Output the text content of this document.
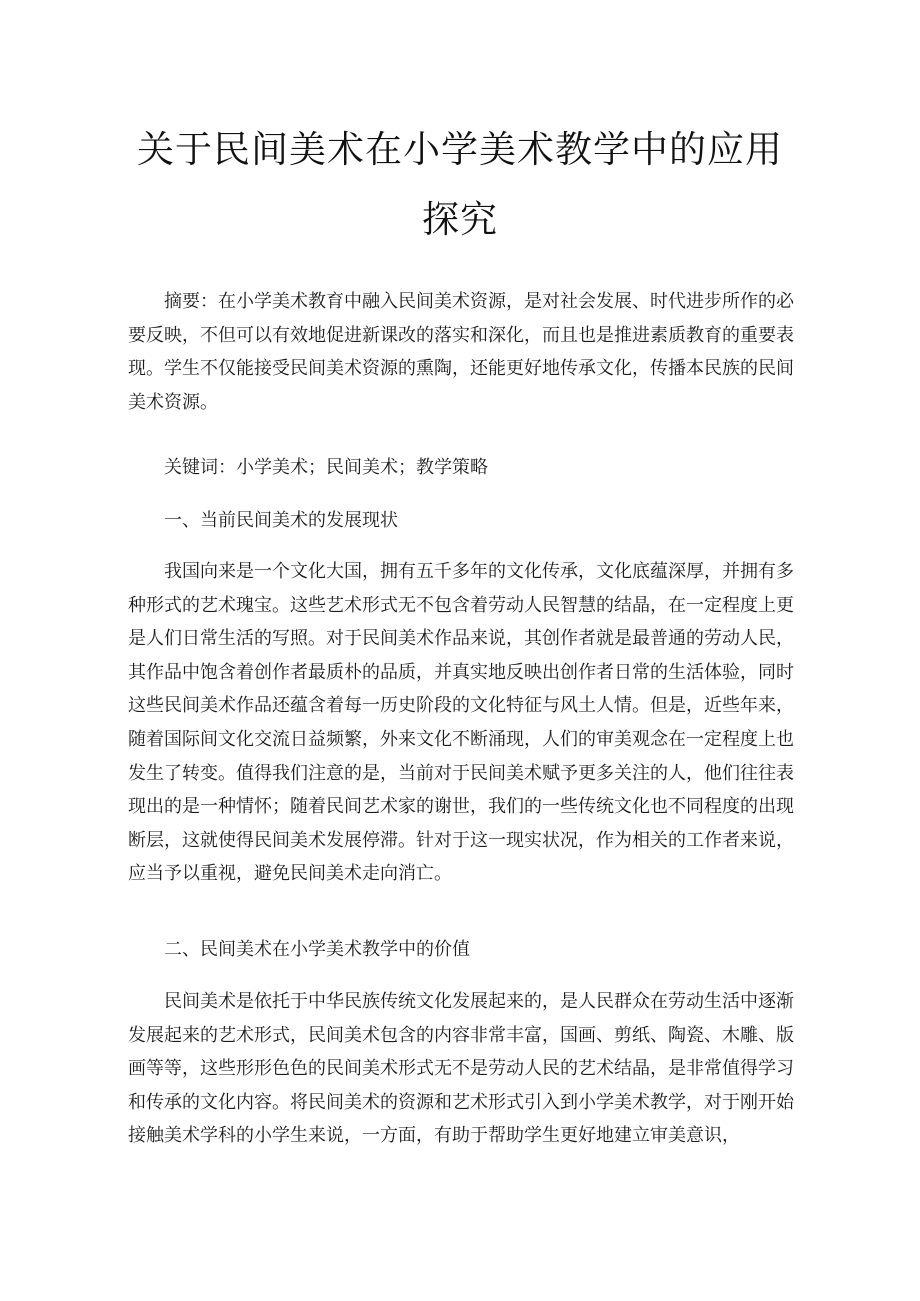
关于民间美术在小学美术教学中的应用
探究

摘要：在小学美术教育中融入民间美术资源，是对社会发展、时代进步所作的必要反映，不但可以有效地促进新课改的落实和深化，而且也是推进素质教育的重要表现。学生不仅能接受民间美术资源的熏陶，还能更好地传承文化，传播本民族的民间美术资源。

关键词：小学美术；民间美术；教学策略

一、当前民间美术的发展现状

我国向来是一个文化大国，拥有五千多年的文化传承，文化底蕴深厚，并拥有多种形式的艺术瑰宝。这些艺术形式无不包含着劳动人民智慧的结晶，在一定程度上更是人们日常生活的写照。对于民间美术作品来说，其创作者就是最普通的劳动人民，其作品中饱含着创作者最质朴的品质，并真实地反映出创作者日常的生活体验，同时这些民间美术作品还蕴含着每一历史阶段的文化特征与风土人情。但是，近些年来，随着国际间文化交流日益频繁，外来文化不断涌现，人们的审美观念在一定程度上也发生了转变。值得我们注意的是，当前对于民间美术赋予更多关注的人，他们往往表现出的是一种情怀；随着民间艺术家的谢世，我们的一些传统文化也不同程度的出现断层，这就使得民间美术发展停滞。针对于这一现实状况，作为相关的工作者来说，应当予以重视，避免民间美术走向消亡。

二、民间美术在小学美术教学中的价值

民间美术是依托于中华民族传统文化发展起来的，是人民群众在劳动生活中逐渐发展起来的艺术形式，民间美术包含的内容非常丰富，国画、剪纸、陶瓷、木雕、版画等等，这些形形色色的民间美术形式无不是劳动人民的艺术结晶，是非常值得学习和传承的文化内容。将民间美术的资源和艺术形式引入到小学美术教学，对于刚开始接触美术学科的小学生来说，一方面，有助于帮助学生更好地建立审美意识，
